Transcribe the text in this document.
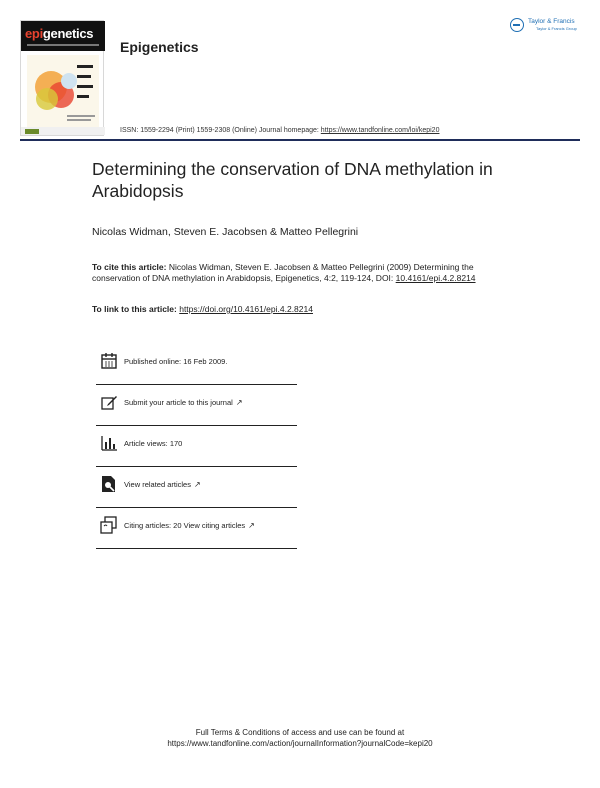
epigenetics
Epigenetics
Taylor & Francis
Taylor & Francis Group
ISSN: 1559-2294 (Print) 1559-2308 (Online) Journal homepage: https://www.tandfonline.com/loi/kepi20
Determining the conservation of DNA methylation in Arabidopsis
Nicolas Widman, Steven E. Jacobsen & Matteo Pellegrini
To cite this article: Nicolas Widman, Steven E. Jacobsen & Matteo Pellegrini (2009) Determining the conservation of DNA methylation in Arabidopsis, Epigenetics, 4:2, 119-124, DOI: 10.4161/epi.4.2.8214
To link to this article: https://doi.org/10.4161/epi.4.2.8214
Published online: 16 Feb 2009.
Submit your article to this journal ↗
Article views: 170
View related articles ↗
Citing articles: 20 View citing articles ↗
Full Terms & Conditions of access and use can be found at
https://www.tandfonline.com/action/journalInformation?journalCode=kepi20
